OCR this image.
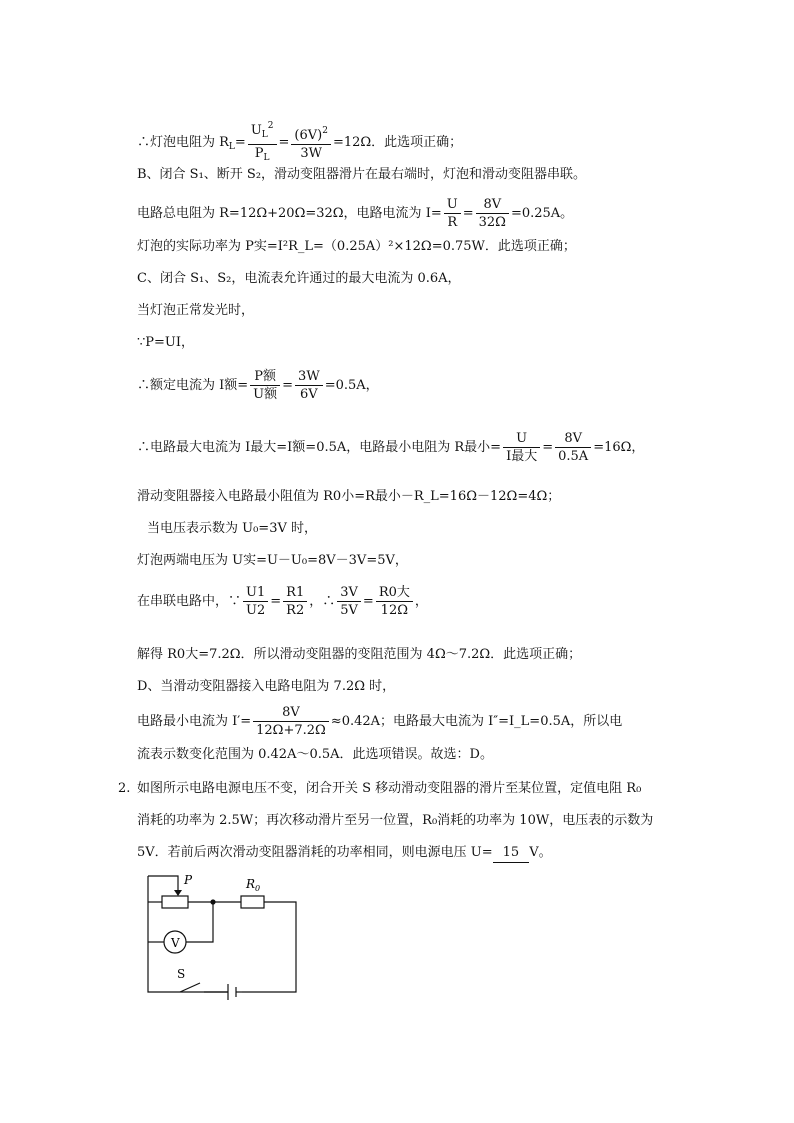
∴灯泡电阻为 $R_L= \frac{U_L^2}{P_L} = \frac{(6V)^2}{3W} =12\Omega$．此选项正确；
B、闭合 S₁、断开 S₂，滑动变阻器滑片在最右端时，灯泡和滑动变阻器串联。
电路总电阻为 R=12Ω+20Ω=32Ω，电路电流为 $I= \frac{U}{R} = \frac{8V}{32\Omega} =0.25A$。
灯泡的实际功率为 P实=I²R_L=（0.25A）²×12Ω=0.75W．此选项正确；
C、闭合 S₁、S₂，电流表允许通过的最大电流为 0.6A，
当灯泡正常发光时，
∵P=UI，
∴额定电流为 I额= $\frac{\text{P额}}{\text{U额}} = \frac{3W}{6V} =0.5A$，
∴电路最大电流为 I最大=I额=0.5A，电路最小电阻为 R最小= $\frac{U}{\text{I最大}} = \frac{8V}{0.5A} =16\Omega$，
滑动变阻器接入电路最小阻值为 R0小=R最小－R_L=16Ω－12Ω=4Ω；
当电压表示数为 U₀=3V 时，
灯泡两端电压为 U实=U－U₀=8V－3V=5V，
在串联电路中，∵ $\frac{U1}{U2} = \frac{R1}{R2}$ ，∴ $\frac{3V}{5V} = \frac{\text{R0大}}{12\Omega}$ ，
解得 R0大=7.2Ω．所以滑动变阻器的变阻范围为 4Ω～7.2Ω．此选项正确；
D、当滑动变阻器接入电路电阻为 7.2Ω 时，
电路最小电流为 $I'= \frac{8V}{12\Omega+7.2\Omega} \approx 0.42A$；电路最大电流为 I″=I_L=0.5A，所以电
流表示数变化范围为 0.42A～0.5A．此选项错误。故选：D。
2. 如图所示电路电源电压不变，闭合开关 S 移动滑动变阻器的滑片至某位置，定值电阻 R₀
消耗的功率为 2.5W；再次移动滑片至另一位置，R₀消耗的功率为 10W，电压表的示数为
5V．若前后两次滑动变阻器消耗的功率相同，则电源电压 U= 15 V。
P	$R_0$
V
S
